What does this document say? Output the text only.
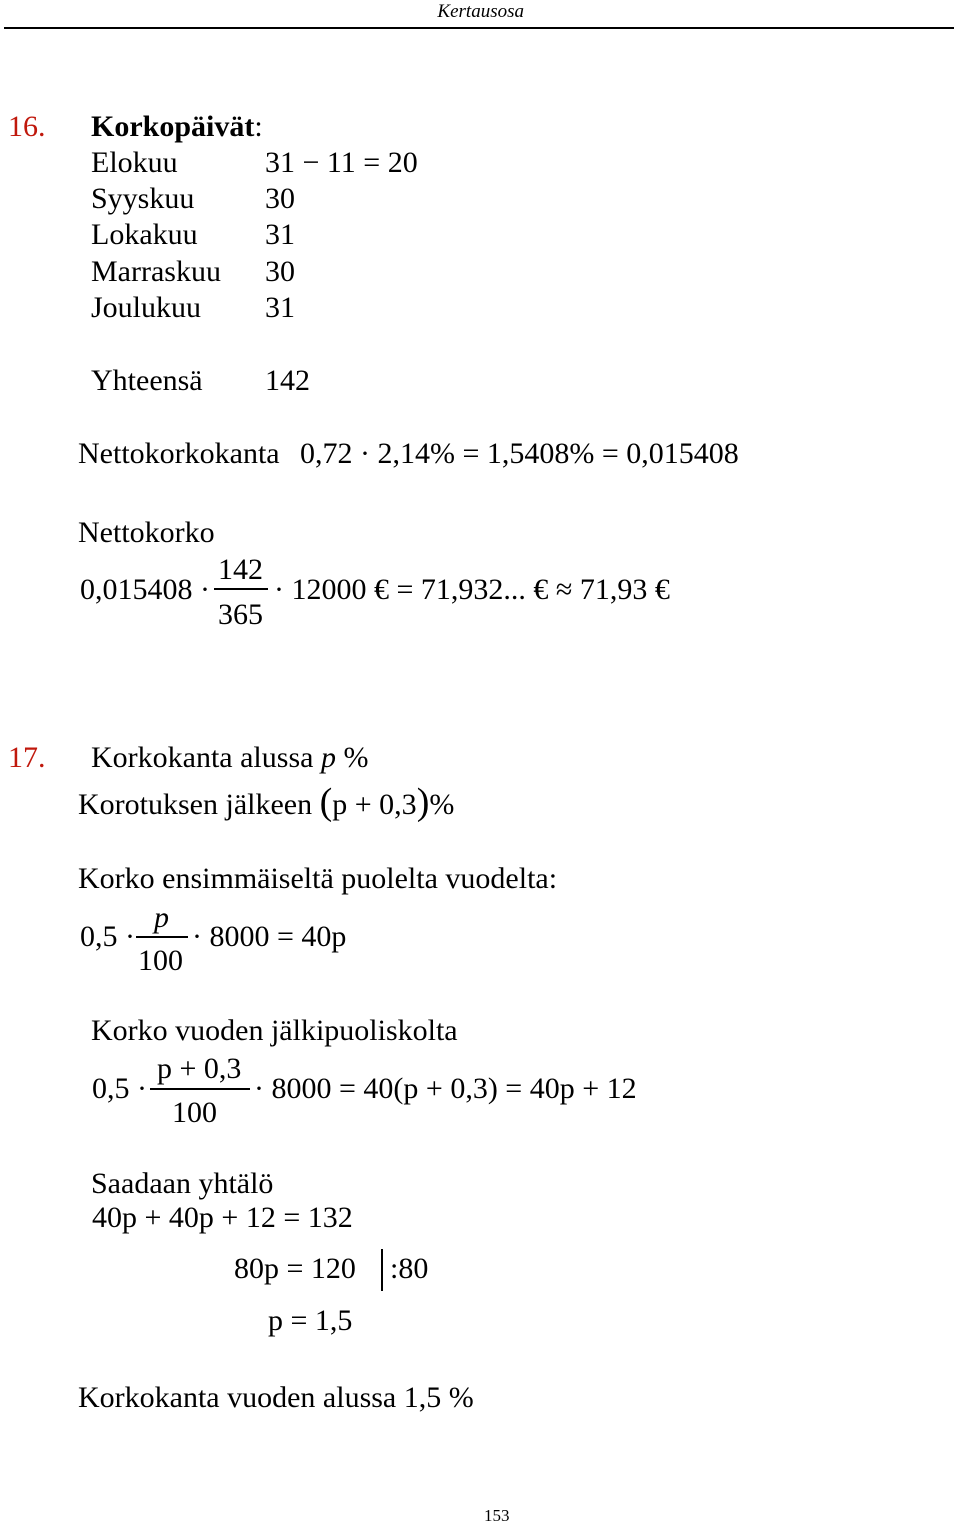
Kertausosa
16. Korkopäivät:
Elokuu	31 − 11 = 20
Syyskuu 30
Lokakuu 31
Marraskuu 30
Joulukuu 31
Yhteensä 142
Nettokorkokanta 0,72 · 2,14% = 1,5408% = 0,015408
Nettokorko
0,015408 ·
142
365
· 12000 € = 71,932... € ≈ 71,93 €
17. Korkokanta alussa p %
Korotuksen jälkeen (p + 0,3)%
Korko ensimmäiseltä puolelta vuodelta:
0,5 ·
p
100
· 8000 = 40p
Korko vuoden jälkipuoliskolta
0,5 ·
p + 0,3
100
· 8000 = 40(p + 0,3) = 40p + 12
Saadaan yhtälö
40p + 40p + 12 = 132
80p = 120 :80
p = 1,5
Korkokanta vuoden alussa 1,5 %
153
